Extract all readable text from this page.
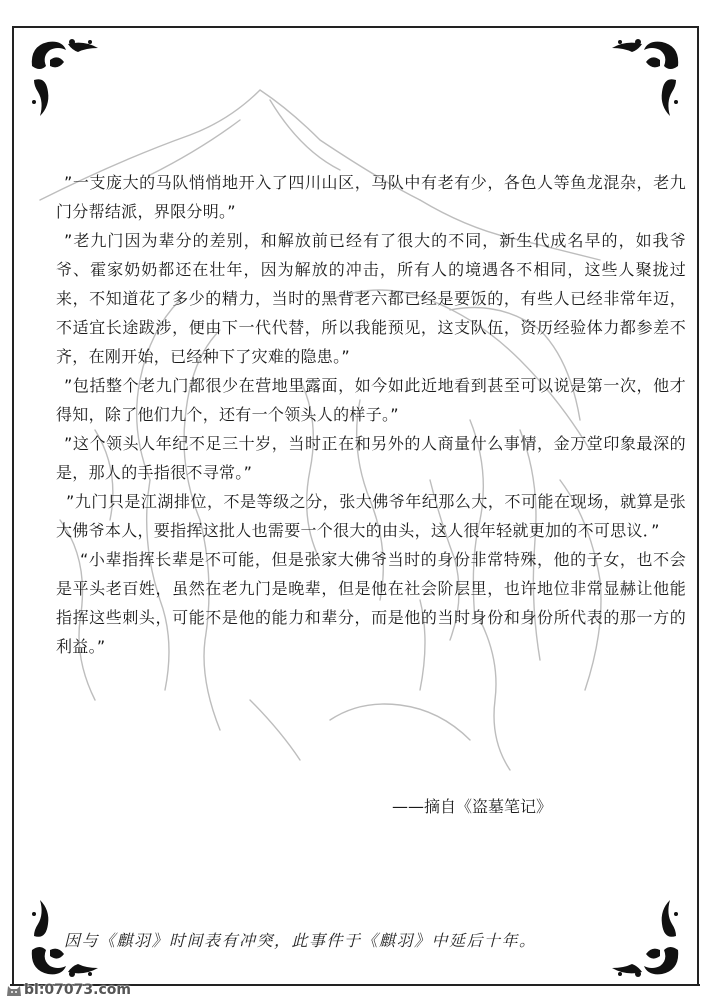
”一支庞大的马队悄悄地开入了四川山区，马队中有老有少，各色人等鱼龙混杂，老九门分帮结派，界限分明。”

”老九门因为辈分的差别，和解放前已经有了很大的不同，新生代成名早的，如我爷爷、霍家奶奶都还在壮年，因为解放的冲击，所有人的境遇各不相同，这些人聚拢过来，不知道花了多少的精力，当时的黑背老六都已经是要饭的，有些人已经非常年迈，不适宜长途跋涉，便由下一代代替，所以我能预见，这支队伍，资历经验体力都参差不齐，在刚开始，已经种下了灾难的隐患。”

”包括整个老九门都很少在营地里露面，如今如此近地看到甚至可以说是第一次，他才得知，除了他们九个，还有一个领头人的样子。”

”这个领头人年纪不足三十岁，当时正在和另外的人商量什么事情，金万堂印象最深的是，那人的手指很不寻常。”

”九门只是江湖排位，不是等级之分，张大佛爷年纪那么大，不可能在现场，就算是张大佛爷本人，要指挥这批人也需要一个很大的由头，这人很年轻就更加的不可思议．”

“小辈指挥长辈是不可能，但是张家大佛爷当时的身份非常特殊，他的子女，也不会是平头老百姓，虽然在老九门是晚辈，但是他在社会阶层里，也许地位非常显赫让他能指挥这些刺头，可能不是他的能力和辈分，而是他的当时身份和身份所代表的那一方的利益。”

——摘自《盗墓笔记》
因与《麒羽》时间表有冲突，此事件于《麒羽》中延后十年。
bl:07073.com
